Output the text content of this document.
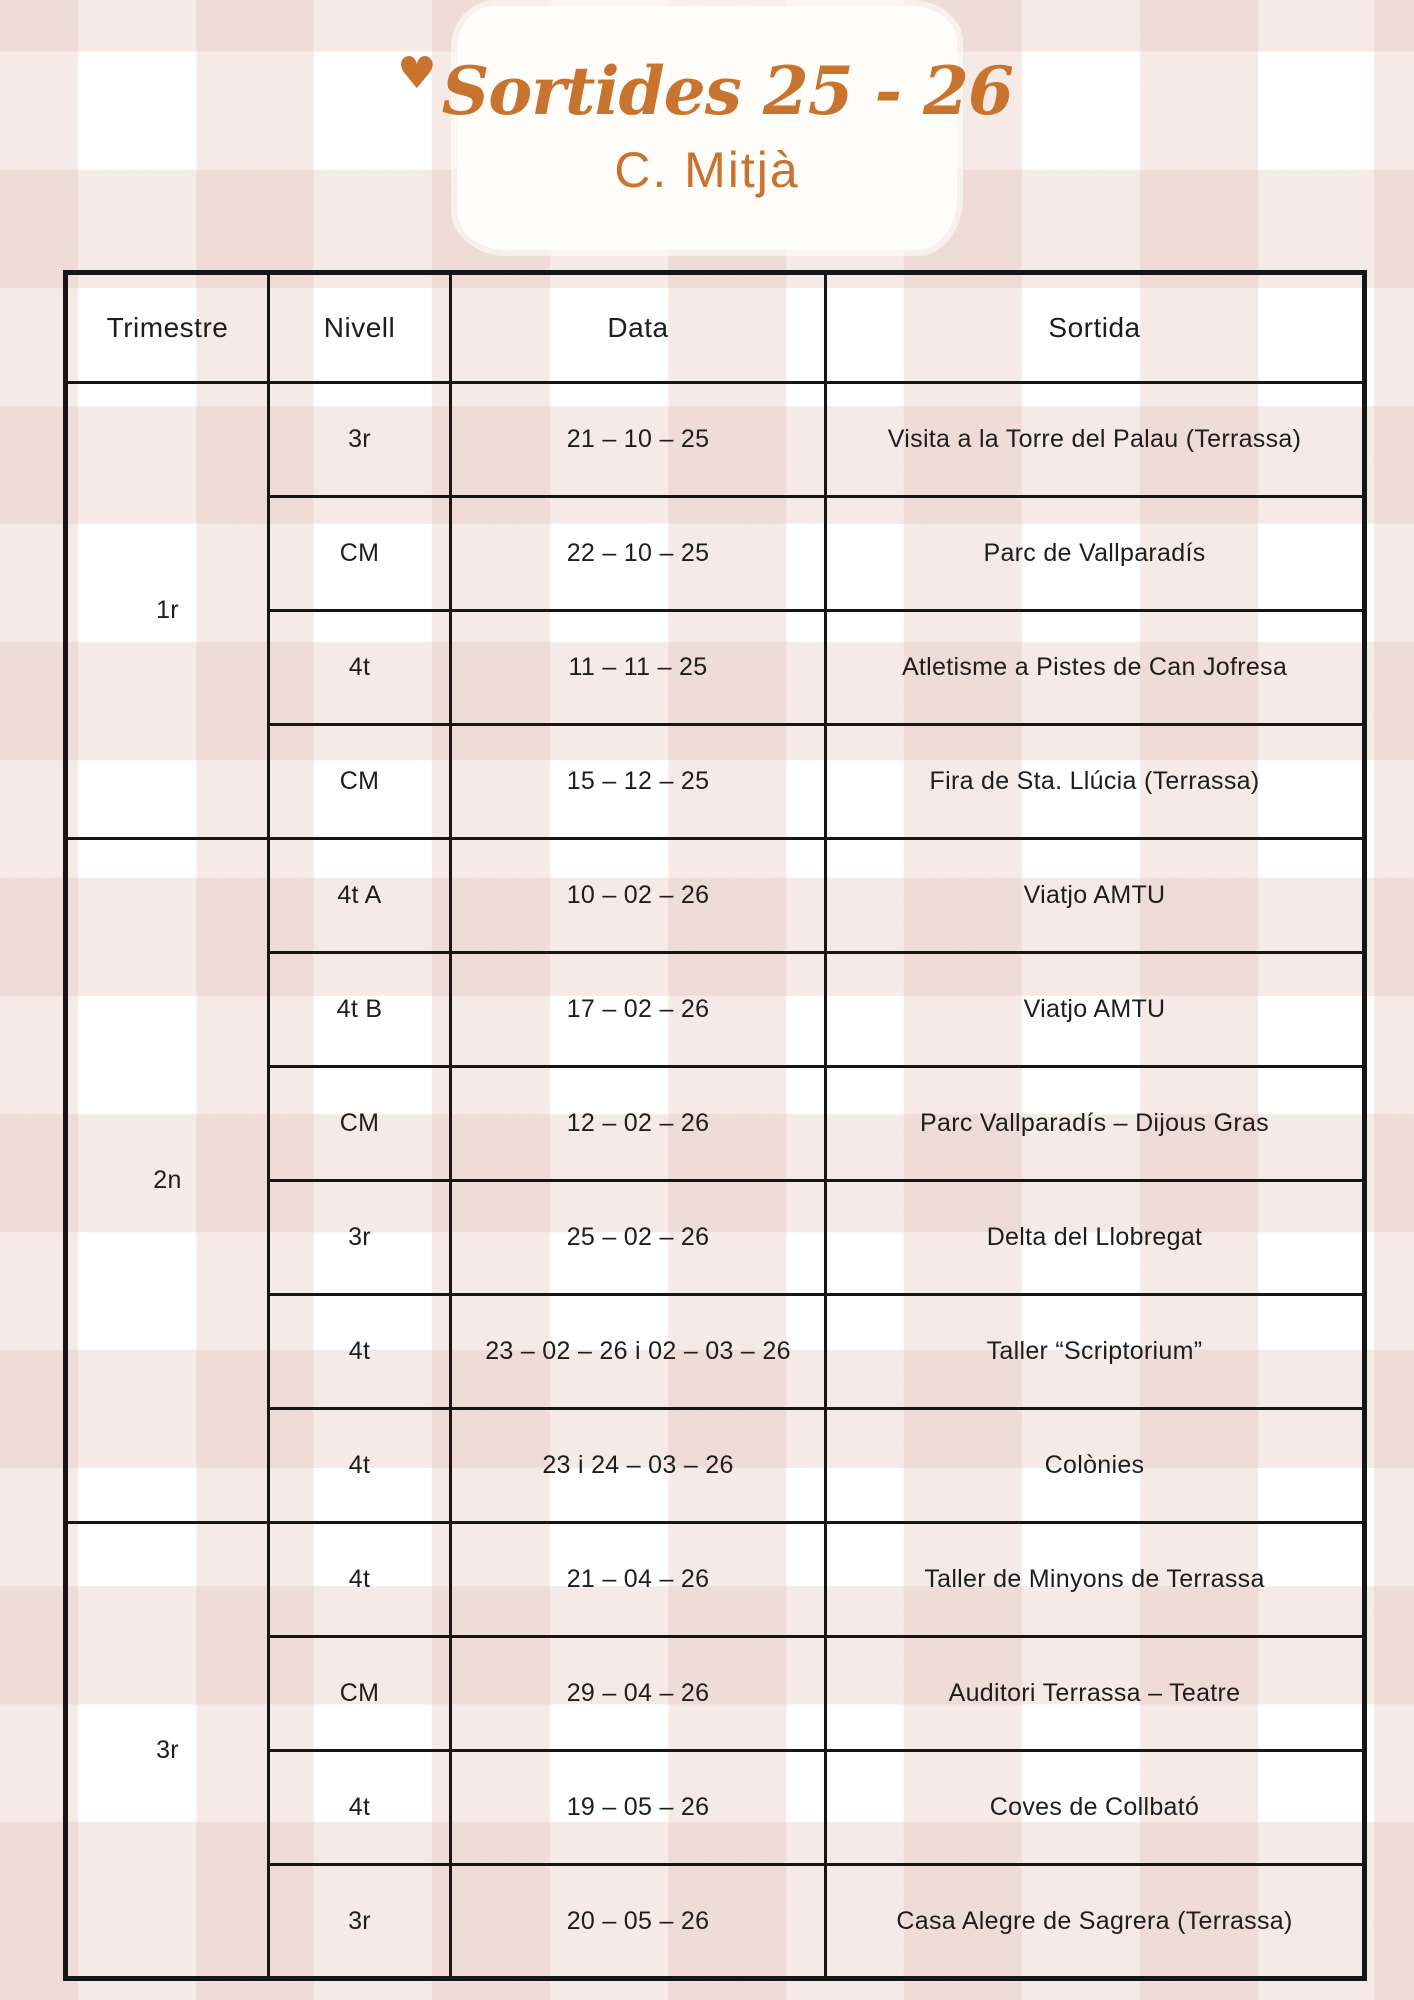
♥Sortides 25 - 26
C. Mitjà
Trimestre	Nivell	Data	Sortida
1r	3r	21 – 10 – 25	Visita a la Torre del Palau (Terrassa)
	CM	22 – 10 – 25	Parc de Vallparadís
	4t	11 – 11 – 25	Atletisme a Pistes de Can Jofresa
	CM	15 – 12 – 25	Fira de Sta. Llúcia (Terrassa)
2n	4t A	10 – 02 – 26	Viatjo AMTU
	4t B	17 – 02 – 26	Viatjo AMTU
	CM	12 – 02 – 26	Parc Vallparadís – Dijous Gras
	3r	25 – 02 – 26	Delta del Llobregat
	4t	23 – 02 – 26 i 02 – 03 – 26	Taller “Scriptorium”
	4t	23 i 24 – 03 – 26	Colònies
3r	4t	21 – 04 – 26	Taller de Minyons de Terrassa
	CM	29 – 04 – 26	Auditori Terrassa – Teatre
	4t	19 – 05 – 26	Coves de Collbató
	3r	20 – 05 – 26	Casa Alegre de Sagrera (Terrassa)
